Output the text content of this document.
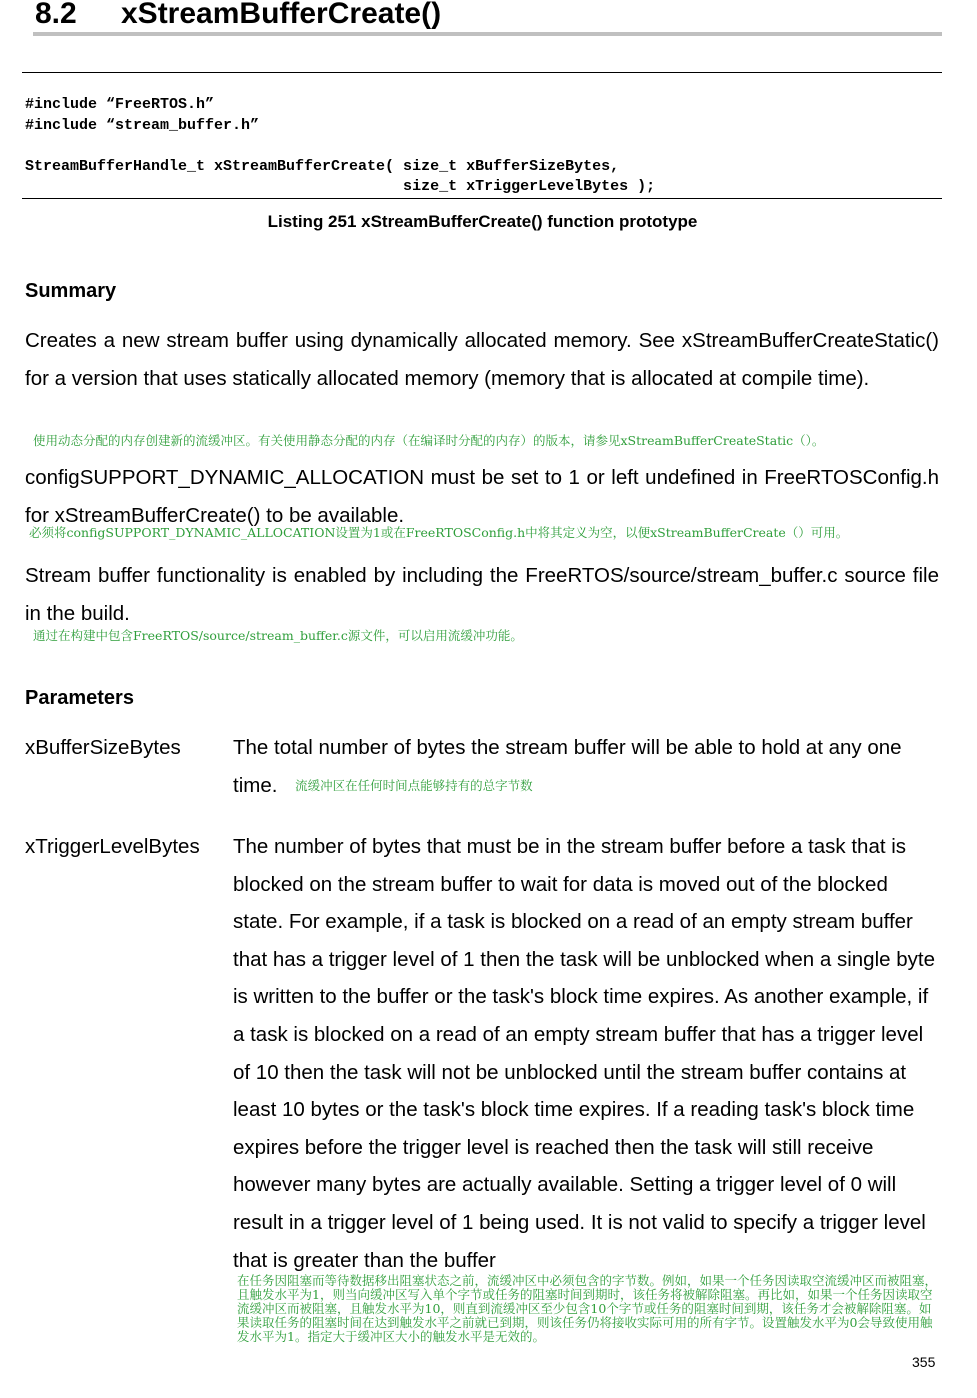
8.2 xStreamBufferCreate()
#include “FreeRTOS.h”
#include “stream_buffer.h”

StreamBufferHandle_t xStreamBufferCreate( size_t xBufferSizeBytes,
size_t xTriggerLevelBytes );
Listing 251 xStreamBufferCreate() function prototype
Summary
Creates a new stream buffer using dynamically allocated memory. See xStreamBufferCreateStatic() for a version that uses statically allocated memory (memory that is allocated at compile time).
使用动态分配的内存创建新的流缓冲区。有关使用静态分配的内存（在编译时分配的内存）的版本，请参见xStreamBufferCreateStatic（）。
configSUPPORT_DYNAMIC_ALLOCATION must be set to 1 or left undefined in FreeRTOSConfig.h for xStreamBufferCreate() to be available.
必须将configSUPPORT_DYNAMIC_ALLOCATION设置为1或在FreeRTOSConfig.h中将其定义为空，以便xStreamBufferCreate（）可用。
Stream buffer functionality is enabled by including the FreeRTOS/source/stream_buffer.c source file in the build.
通过在构建中包含FreeRTOS/source/stream_buffer.c源文件，可以启用流缓冲功能。
Parameters
xBufferSizeBytes	The total number of bytes the stream buffer will be able to hold at any one time. 流缓冲区在任何时间点能够持有的总字节数
xTriggerLevelBytes The number of bytes that must be in the stream buffer before a task that is blocked on the stream buffer to wait for data is moved out of the blocked state. For example, if a task is blocked on a read of an empty stream buffer that has a trigger level of 1 then the task will be unblocked when a single byte is written to the buffer or the task's block time expires. As another example, if a task is blocked on a read of an empty stream buffer that has a trigger level of 10 then the task will not be unblocked until the stream buffer contains at least 10 bytes or the task's block time expires. If a reading task's block time expires before the trigger level is reached then the task will still receive however many bytes are actually available. Setting a trigger level of 0 will result in a trigger level of 1 being used. It is not valid to specify a trigger level that is greater than the buffer
在任务因阻塞而等待数据移出阻塞状态之前，流缓冲区中必须包含的字节数。例如，如果一个任务因读取空流缓冲区而被阻塞，且触发水平为1，则当向缓冲区写入单个字节或任务的阻塞时间到期时，该任务将被解除阻塞。再比如，如果一个任务因读取空流缓冲区而被阻塞，且触发水平为10，则直到流缓冲区至少包含10个字节或任务的阻塞时间到期，该任务才会被解除阻塞。如果读取任务的阻塞时间在达到触发水平之前就已到期，则该任务仍将接收实际可用的所有字节。设置触发水平为0会导致使用触发水平为1。指定大于缓冲区大小的触发水平是无效的。
355
